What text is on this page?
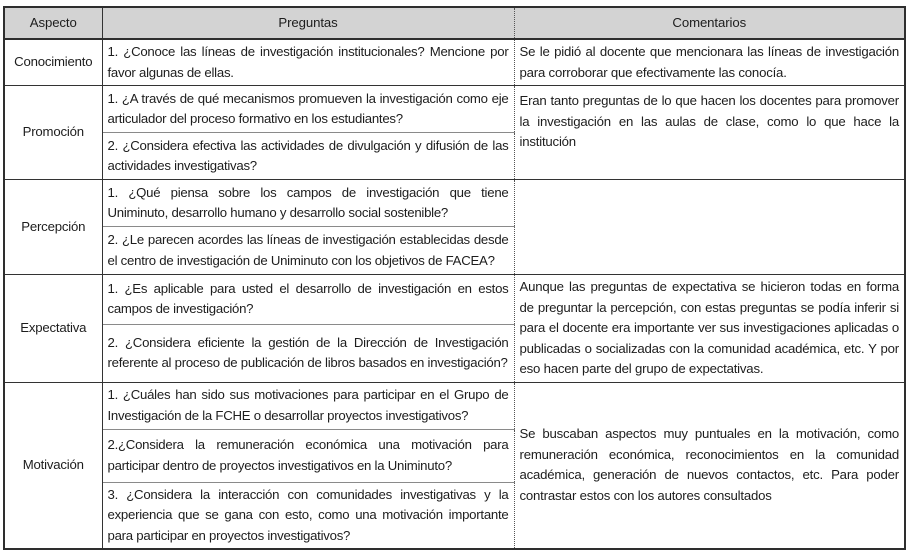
Aspecto	Preguntas	Comentarios
Conocimiento	1. ¿Conoce las líneas de investigación institucionales? Mencione por favor algunas de ellas.	Se le pidió al docente que mencionara las líneas de investigación para corroborar que efectivamente las conocía.
Promoción	1. ¿A través de qué mecanismos promueven la investigación como eje articulador del proceso formativo en los estudiantes?	Eran tanto preguntas de lo que hacen los docentes para promover la investigación en las aulas de clase, como lo que hace la institución
	2. ¿Considera efectiva las actividades de divulgación y difusión de las actividades investigativas?	
Percepción	1. ¿Qué piensa sobre los campos de investigación que tiene Uniminuto, desarrollo humano y desarrollo social sostenible?	
	2. ¿Le parecen acordes las líneas de investigación establecidas desde el centro de investigación de Uniminuto con los objetivos de FACEA?	
Expectativa	1. ¿Es aplicable para usted el desarrollo de investigación en estos campos de investigación?	Aunque las preguntas de expectativa se hicieron todas en forma de preguntar la percepción, con estas preguntas se podía inferir si para el docente era importante ver sus investigaciones aplicadas o publicadas o socializadas con la comunidad académica, etc. Y por eso hacen parte del grupo de expectativas.
	2. ¿Considera eficiente la gestión de la Dirección de Investigación referente al proceso de publicación de libros basados en investigación?	
Motivación	1. ¿Cuáles han sido sus motivaciones para participar en el Grupo de Investigación de la FCHE o desarrollar proyectos investigativos?	Se buscaban aspectos muy puntuales en la motivación, como remuneración económica, reconocimientos en la comunidad académica, generación de nuevos contactos, etc. Para poder contrastar estos con los autores consultados
	2.¿Considera la remuneración económica una motivación para participar dentro de proyectos investigativos en la Uniminuto?	
	3. ¿Considera la interacción con comunidades investigativas y la experiencia que se gana con esto, como una motivación importante para participar en proyectos investigativos?	
